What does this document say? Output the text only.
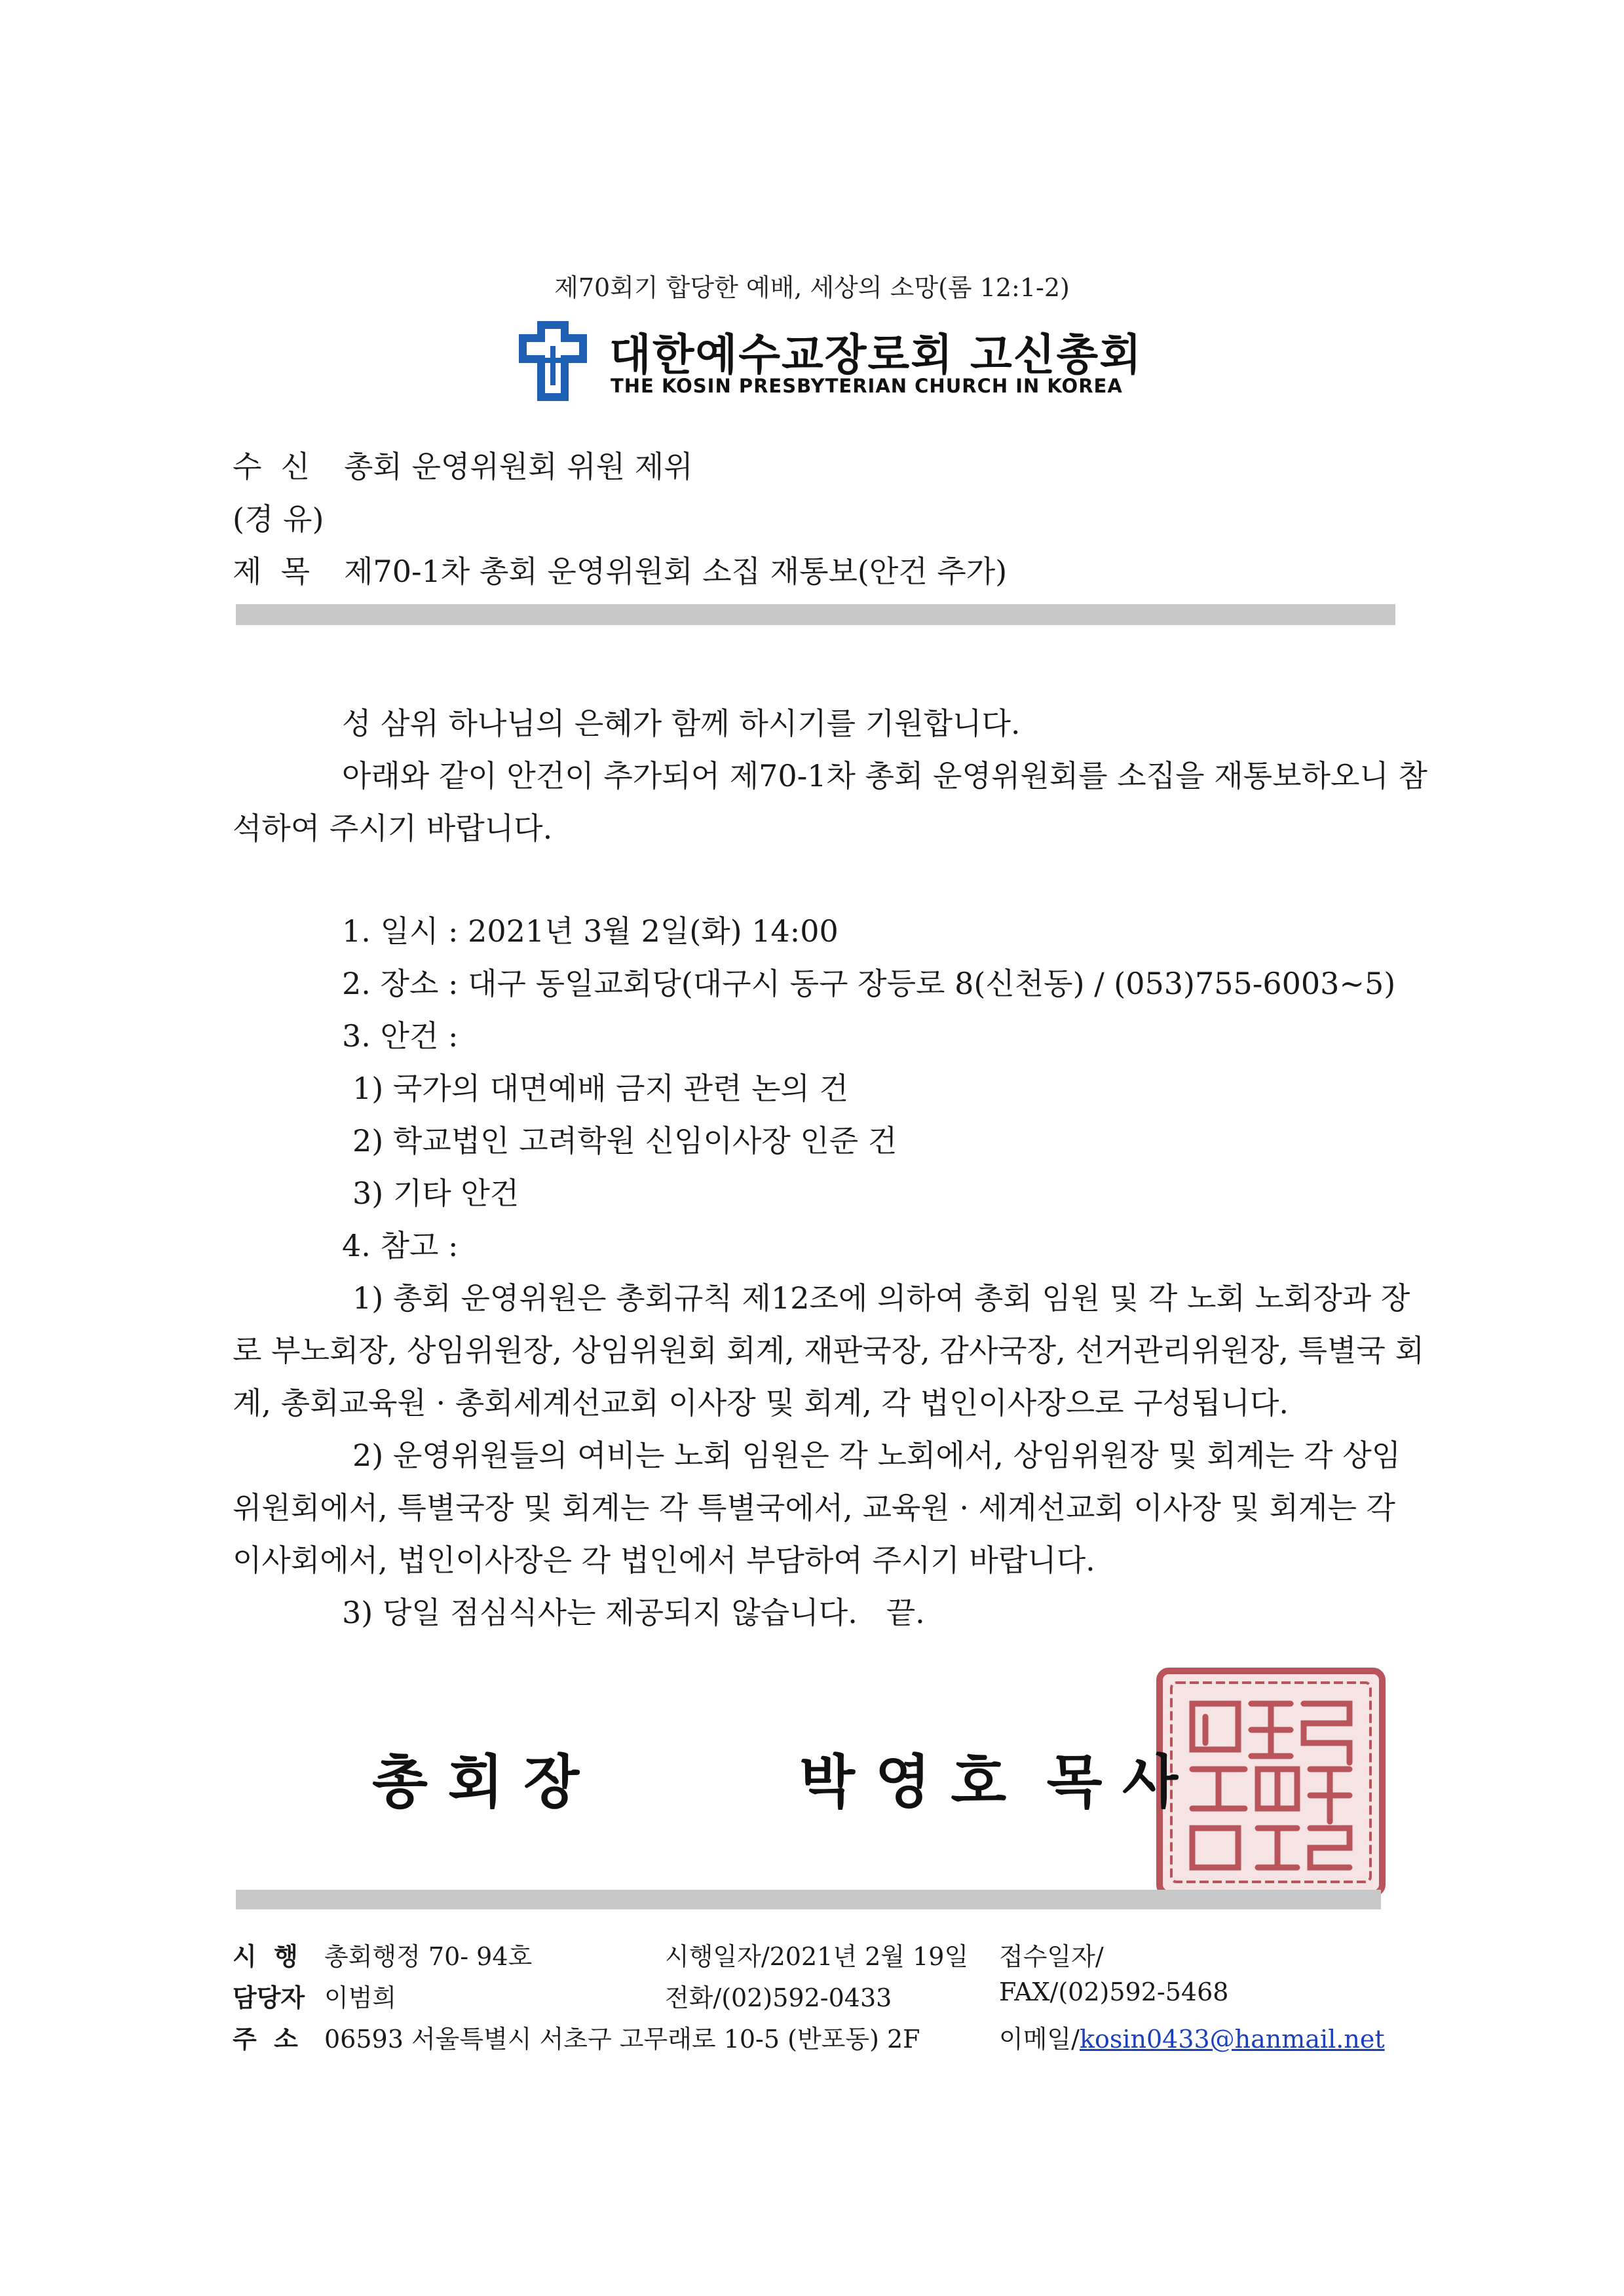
제70회기 합당한 예배, 세상의 소망(롬 12:1-2)
대한예수교장로회 고신총회
THE KOSIN PRESBYTERIAN CHURCH IN KOREA
수  신 총회 운영위원회 위원 제위
(경 유)
제  목 제70-1차 총회 운영위원회 소집 재통보(안건 추가)
성 삼위 하나님의 은혜가 함께 하시기를 기원합니다.
아래와 같이 안건이 추가되어 제70-1차 총회 운영위원회를 소집을 재통보하오니 참
석하여 주시기 바랍니다.
1. 일시 : 2021년 3월 2일(화) 14:00
2. 장소 : 대구 동일교회당(대구시 동구 장등로 8(신천동) / (053)755-6003~5)
3. 안건 :
1) 국가의 대면예배 금지 관련 논의 건
2) 학교법인 고려학원 신임이사장 인준 건
3) 기타 안건
4. 참고 :
1) 총회 운영위원은 총회규칙 제12조에 의하여 총회 임원 및 각 노회 노회장과 장
로 부노회장, 상임위원장, 상임위원회 회계, 재판국장, 감사국장, 선거관리위원장, 특별국 회
계, 총회교육원 · 총회세계선교회 이사장 및 회계, 각 법인이사장으로 구성됩니다.
2) 운영위원들의 여비는 노회 임원은 각 노회에서, 상임위원장 및 회계는 각 상임
위원회에서, 특별국장 및 회계는 각 특별국에서, 교육원 · 세계선교회 이사장 및 회계는 각
이사회에서, 법인이사장은 각 법인에서 부담하여 주시기 바랍니다.
3) 당일 점심식사는 제공되지 않습니다.   끝.
총 회 장	박 영 호  목 사
시  행 총회행정 70- 94호	시행일자/2021년 2월 19일 접수일자/
담당자 이범희	전화/(02)592-0433	FAX/(02)592-5468
주  소 06593 서울특별시 서초구 고무래로 10-5 (반포동) 2F	이메일/kosin0433@hanmail.net
